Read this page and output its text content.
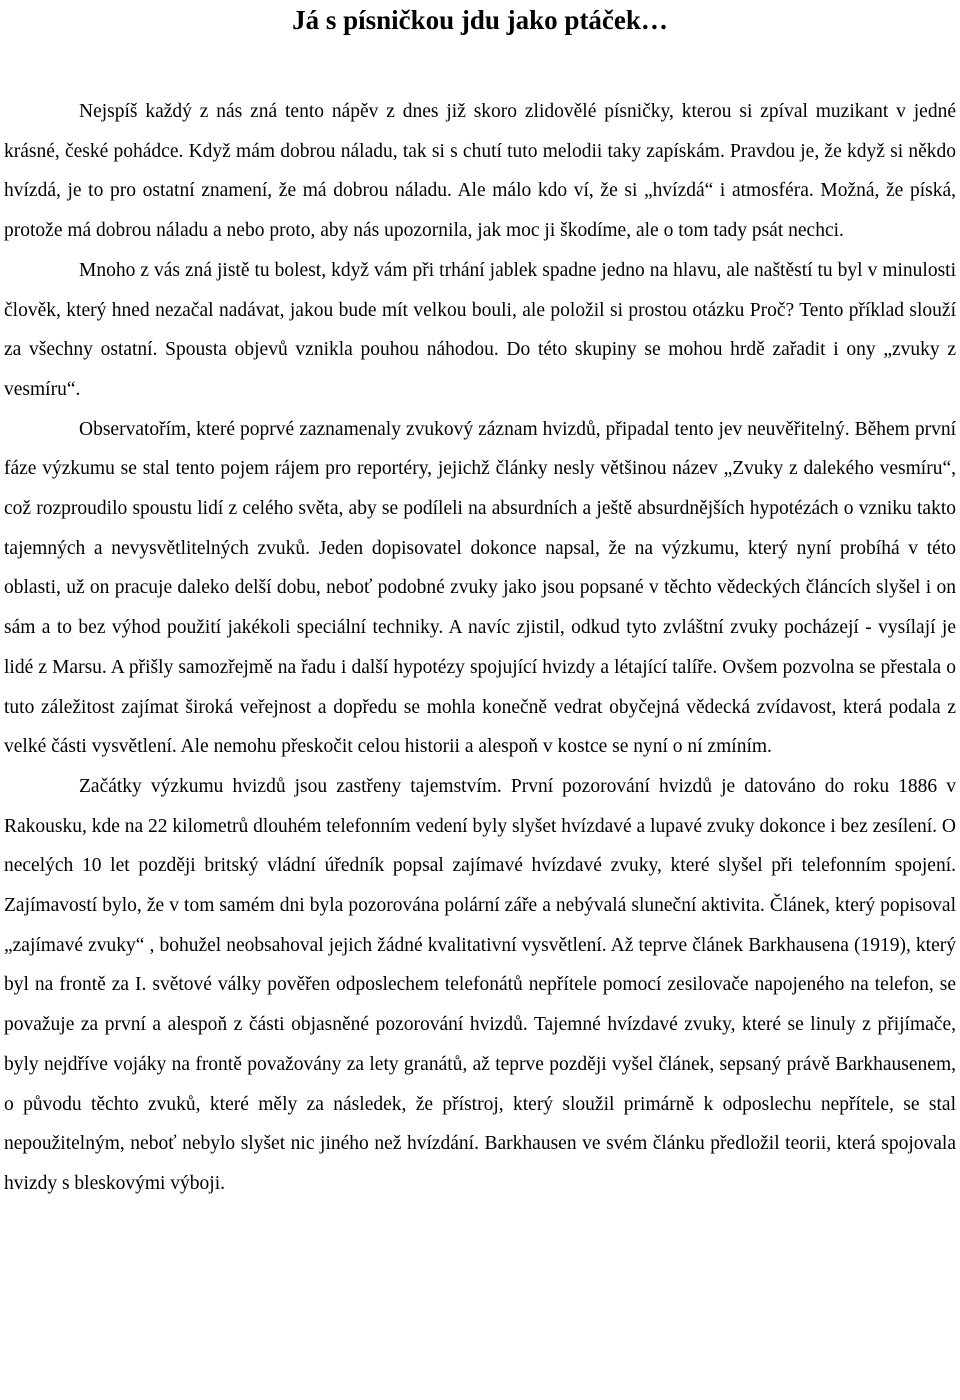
Já s písničkou jdu jako ptáček…

Nejspíš každý z nás zná tento nápěv z dnes již skoro zlidovělé písničky, kterou si zpíval muzikant v jedné krásné, české pohádce. Když mám dobrou náladu, tak si s chutí tuto melodii taky zapískám. Pravdou je, že když si někdo hvízdá, je to pro ostatní znamení, že má dobrou náladu. Ale málo kdo ví, že si „hvízdá“ i atmosféra. Možná, že píská, protože má dobrou náladu a nebo proto, aby nás upozornila, jak moc ji škodíme, ale o tom tady psát nechci.

Mnoho z vás zná jistě tu bolest, když vám při trhání jablek spadne jedno na hlavu, ale naštěstí tu byl v minulosti člověk, který hned nezačal nadávat, jakou bude mít velkou bouli, ale položil si prostou otázku Proč? Tento příklad slouží za všechny ostatní. Spousta objevů vznikla pouhou náhodou. Do této skupiny se mohou hrdě zařadit i ony „zvuky z vesmíru“.

Observatořím, které poprvé zaznamenaly zvukový záznam hvizdů, připadal tento jev neuvěřitelný. Během první fáze výzkumu se stal tento pojem rájem pro reportéry, jejichž články nesly většinou název „Zvuky z dalekého vesmíru“, což rozproudilo spoustu lidí z celého světa, aby se podíleli na absurdních a ještě absurdnějších hypotézách o vzniku takto tajemných a nevysvětlitelných zvuků. Jeden dopisovatel dokonce napsal, že na výzkumu, který nyní probíhá v této oblasti, už on pracuje daleko delší dobu, neboť podobné zvuky jako jsou popsané v těchto vědeckých článcích slyšel i on sám a to bez výhod použití jakékoli speciální techniky. A navíc zjistil, odkud tyto zvláštní zvuky pocházejí - vysílají je lidé z Marsu. A přišly samozřejmě na řadu i další hypotézy spojující hvizdy a létající talíře. Ovšem pozvolna se přestala o tuto záležitost zajímat široká veřejnost a dopředu se mohla konečně vedrat obyčejná vědecká zvídavost, která podala z velké části vysvětlení. Ale nemohu přeskočit celou historii a alespoň v kostce se nyní o ní zmíním.

Začátky výzkumu hvizdů jsou zastřeny tajemstvím. První pozorování hvizdů je datováno do roku 1886 v Rakousku, kde na 22 kilometrů dlouhém telefonním vedení byly slyšet hvízdavé a lupavé zvuky dokonce i bez zesílení. O necelých 10 let později britský vládní úředník popsal zajímavé hvízdavé zvuky, které slyšel při telefonním spojení. Zajímavostí bylo, že v tom samém dni byla pozorována polární záře a nebývalá sluneční aktivita. Článek, který popisoval „zajímavé zvuky“ , bohužel neobsahoval jejich žádné kvalitativní vysvětlení. Až teprve článek Barkhausena (1919), který byl na frontě za I. světové války pověřen odposlechem telefonátů nepřítele pomocí zesilovače napojeného na telefon, se považuje za první a alespoň z části objasněné pozorování hvizdů. Tajemné hvízdavé zvuky, které se linuly z přijímače, byly nejdříve vojáky na frontě považovány za lety granátů, až teprve později vyšel článek, sepsaný právě Barkhausenem, o původu těchto zvuků, které měly za následek, že přístroj, který sloužil primárně k odposlechu nepřítele, se stal nepoužitelným, neboť nebylo slyšet nic jiného než hvízdání. Barkhausen ve svém článku předložil teorii, která spojovala hvizdy s bleskovými výboji.
